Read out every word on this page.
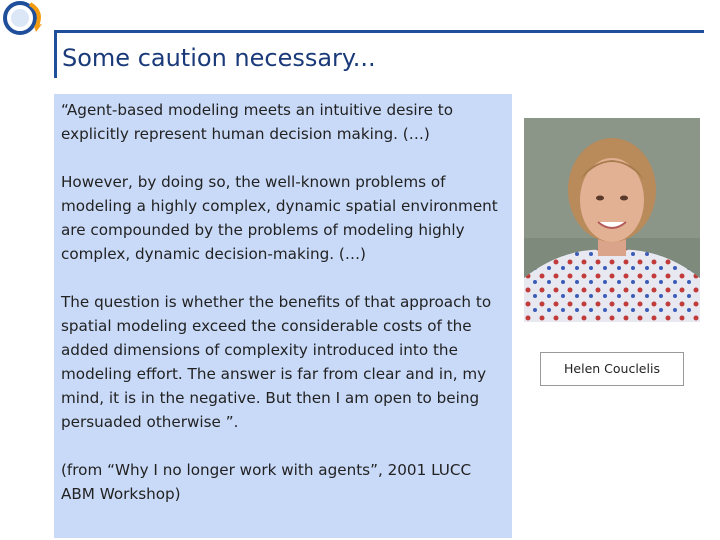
Some caution necessary...

“Agent-based modeling meets an intuitive desire to explicitly represent human decision making. (…)

However, by doing so, the well-known problems of modeling a highly complex, dynamic spatial environment are compounded by the problems of modeling highly complex, dynamic decision-making. (…)

The question is whether the benefits of that approach to spatial modeling exceed the considerable costs of the added dimensions of complexity introduced into the modeling effort. The answer is far from clear and in, my mind, it is in the negative. But then I am open to being persuaded otherwise ”.

(from “Why I no longer work with agents”, 2001 LUCC ABM Workshop)

Helen Couclelis
